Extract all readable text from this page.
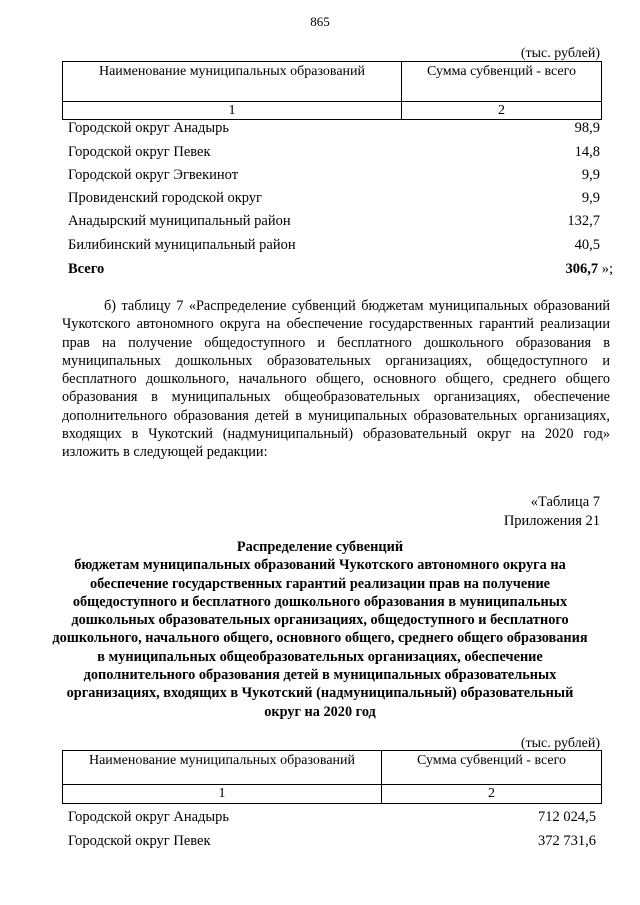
865
(тыс. рублей)
Наименование муниципальных образований	Сумма субвенций - всего
1	2
Городской округ Анадырь	98,9
Городской округ Певек	14,8
Городской округ Эгвекинот	9,9
Провиденский городской округ	9,9
Анадырский муниципальный район	132,7
Билибинский муниципальный район	40,5
Всего	306,7 »;
б) таблицу 7 «Распределение субвенций бюджетам муниципальных образований Чукотского автономного округа на обеспечение государственных гарантий реализации прав на получение общедоступного и бесплатного дошкольного образования в муниципальных дошкольных образовательных организациях, общедоступного и бесплатного дошкольного, начального общего, основного общего, среднего общего образования в муниципальных общеобразовательных организациях, обеспечение дополнительного образования детей в муниципальных образовательных организациях, входящих в Чукотский (надмуниципальный) образовательный округ на 2020 год» изложить в следующей редакции:
«Таблица 7
Приложения 21
Распределение субвенций
бюджетам муниципальных образований Чукотского автономного округа на обеспечение государственных гарантий реализации прав на получение общедоступного и бесплатного дошкольного образования в муниципальных дошкольных образовательных организациях, общедоступного и бесплатного дошкольного, начального общего, основного общего, среднего общего образования в муниципальных общеобразовательных организациях, обеспечение дополнительного образования детей в муниципальных образовательных организациях, входящих в Чукотский (надмуниципальный) образовательный округ на 2020 год
(тыс. рублей)
Наименование муниципальных образований	Сумма субвенций - всего
1	2
Городской округ Анадырь	712 024,5
Городской округ Певек	372 731,6
